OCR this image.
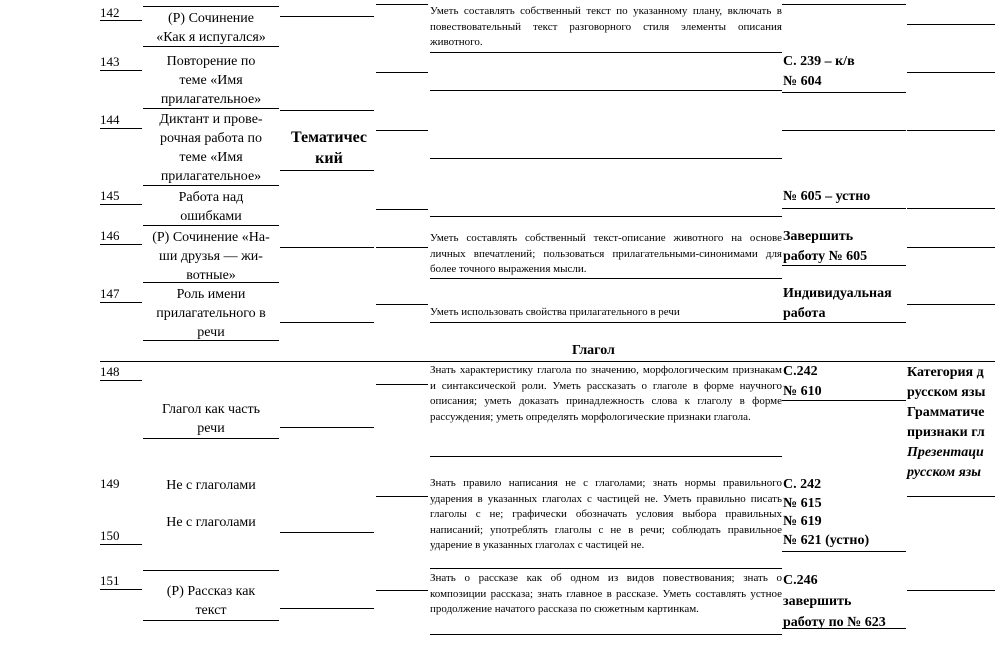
142
143
144
145
146
147
148
149
150
151
(Р) Сочинение
«Как я испугался»
Повторение по
теме «Имя
прилагательное»
Диктант и прове-
рочная работа по
теме «Имя
прилагательное»
Работа над
ошибками
(Р) Сочинение «На-
ши друзья — жи-
вотные»
Роль имени
прилагательного в
речи
Глагол как часть
речи
Не с глаголами
Не с глаголами
(Р) Рассказ как
текст
Тематичес
кий
Глагол
Уметь составлять собственный текст по указанному плану, включать в повествовательный текст разговорного стиля элементы описания животного.
Уметь составлять собственный текст-описание животного на основе личных впечатлений; пользоваться прилагательными-синонимами для более точного выражения мысли.
Уметь использовать свойства прилагательного в речи
Знать характеристику глагола по значению, морфологическим признакам и синтаксической роли. Уметь рассказать о глаголе в форме научного описания; уметь доказать принадлежность слова к глаголу в форме рассуждения; уметь определять морфологические признаки глагола.
Знать правило написания не с глаголами; знать нормы правильного ударения в указанных глаголах с частицей не. Уметь правильно писать глаголы с не; графически обозначать условия выбора правильных написаний; употреблять глаголы с не в речи; соблюдать правильное ударение в указанных глаголах с частицей не.
Знать о рассказе как об одном из видов повествования; знать о композиции рассказа; знать главное в рассказе. Уметь составлять устное продолжение начатого рассказа по сюжетным картинкам.
С. 239 – к/в
№ 604
№ 605 – устно
Завершить
работу № 605
Индивидуальная
работа
С.242
№ 610
С. 242
№ 615
№ 619
№ 621 (устно)
С.246
завершить
работу по № 623
Категория д
русском язы
Грамматиче
признаки гл
Презентаци
русском язы
